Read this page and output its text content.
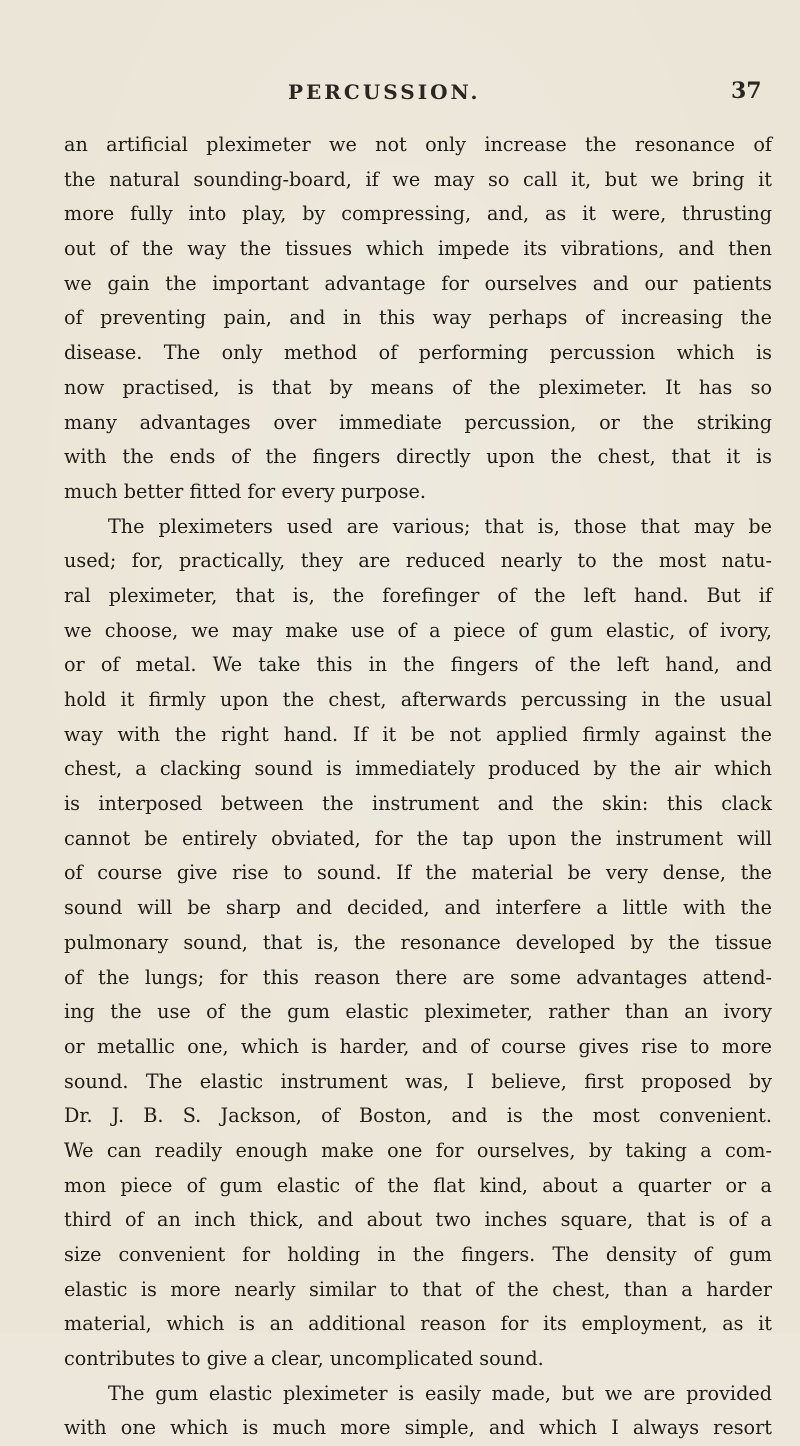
PERCUSSION.	37
an artificial pleximeter we not only increase the resonance of
the natural sounding-board, if we may so call it, but we bring it
more fully into play, by compressing, and, as it were, thrusting
out of the way the tissues which impede its vibrations, and then
we gain the important advantage for ourselves and our patients
of preventing pain, and in this way perhaps of increasing the
disease. The only method of performing percussion which is
now practised, is that by means of the pleximeter. It has so
many advantages over immediate percussion, or the striking
with the ends of the fingers directly upon the chest, that it is
much better fitted for every purpose.
The pleximeters used are various; that is, those that may be
used; for, practically, they are reduced nearly to the most natu-
ral pleximeter, that is, the forefinger of the left hand. But if
we choose, we may make use of a piece of gum elastic, of ivory,
or of metal. We take this in the fingers of the left hand, and
hold it firmly upon the chest, afterwards percussing in the usual
way with the right hand. If it be not applied firmly against the
chest, a clacking sound is immediately produced by the air which
is interposed between the instrument and the skin: this clack
cannot be entirely obviated, for the tap upon the instrument will
of course give rise to sound. If the material be very dense, the
sound will be sharp and decided, and interfere a little with the
pulmonary sound, that is, the resonance developed by the tissue
of the lungs; for this reason there are some advantages attend-
ing the use of the gum elastic pleximeter, rather than an ivory
or metallic one, which is harder, and of course gives rise to more
sound. The elastic instrument was, I believe, first proposed by
Dr. J. B. S. Jackson, of Boston, and is the most convenient.
We can readily enough make one for ourselves, by taking a com-
mon piece of gum elastic of the flat kind, about a quarter or a
third of an inch thick, and about two inches square, that is of a
size convenient for holding in the fingers. The density of gum
elastic is more nearly similar to that of the chest, than a harder
material, which is an additional reason for its employment, as it
contributes to give a clear, uncomplicated sound.
The gum elastic pleximeter is easily made, but we are provided
with one which is much more simple, and which I always resort
